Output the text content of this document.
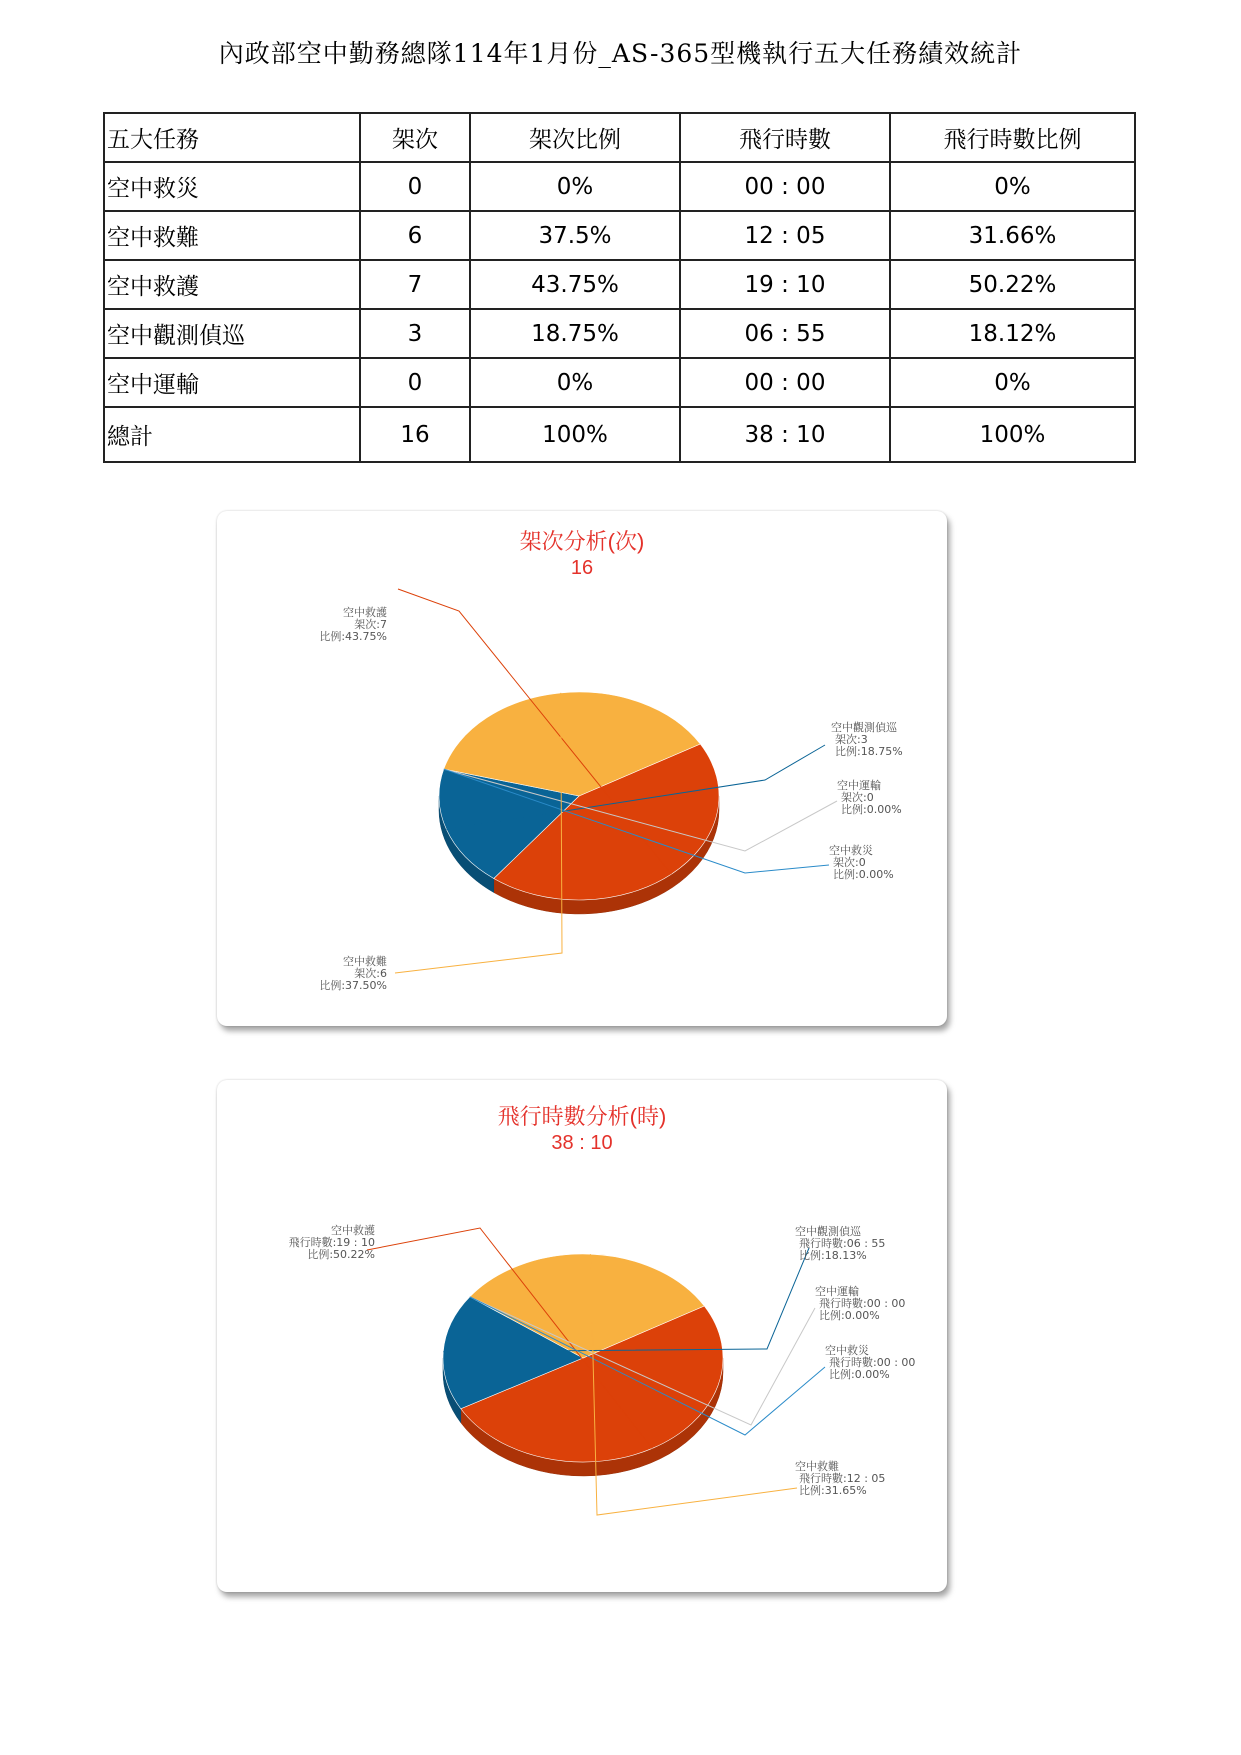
內政部空中勤務總隊114年1月份_AS-365型機執行五大任務績效統計
五大任務	架次	架次比例	飛行時數	飛行時數比例
空中救災	0	0%	00 : 00	0%
空中救難	6	37.5%	12 : 05	31.66%
空中救護	7	43.75%	19 : 10	50.22%
空中觀測偵巡	3	18.75%	06 : 55	18.12%
空中運輸	0	0%	00 : 00	0%
總計	16	100%	38 : 10	100%
架次分析(次)
16
空中救護架次:7 比例:43.75%
空中觀測偵巡架次:3 比例:18.75%
空中運輸架次:0 比例:0.00%
空中救災架次:0 比例:0.00%
空中救難架次:6 比例:37.50%
飛行時數分析(時)
38 : 10
空中救護飛行時數:19 : 10 比例:50.22%
空中觀測偵巡飛行時數:06 : 55 比例:18.13%
空中運輸飛行時數:00 : 00 比例:0.00%
空中救災飛行時數:00 : 00 比例:0.00%
空中救難飛行時數:12 : 05 比例:31.65%
